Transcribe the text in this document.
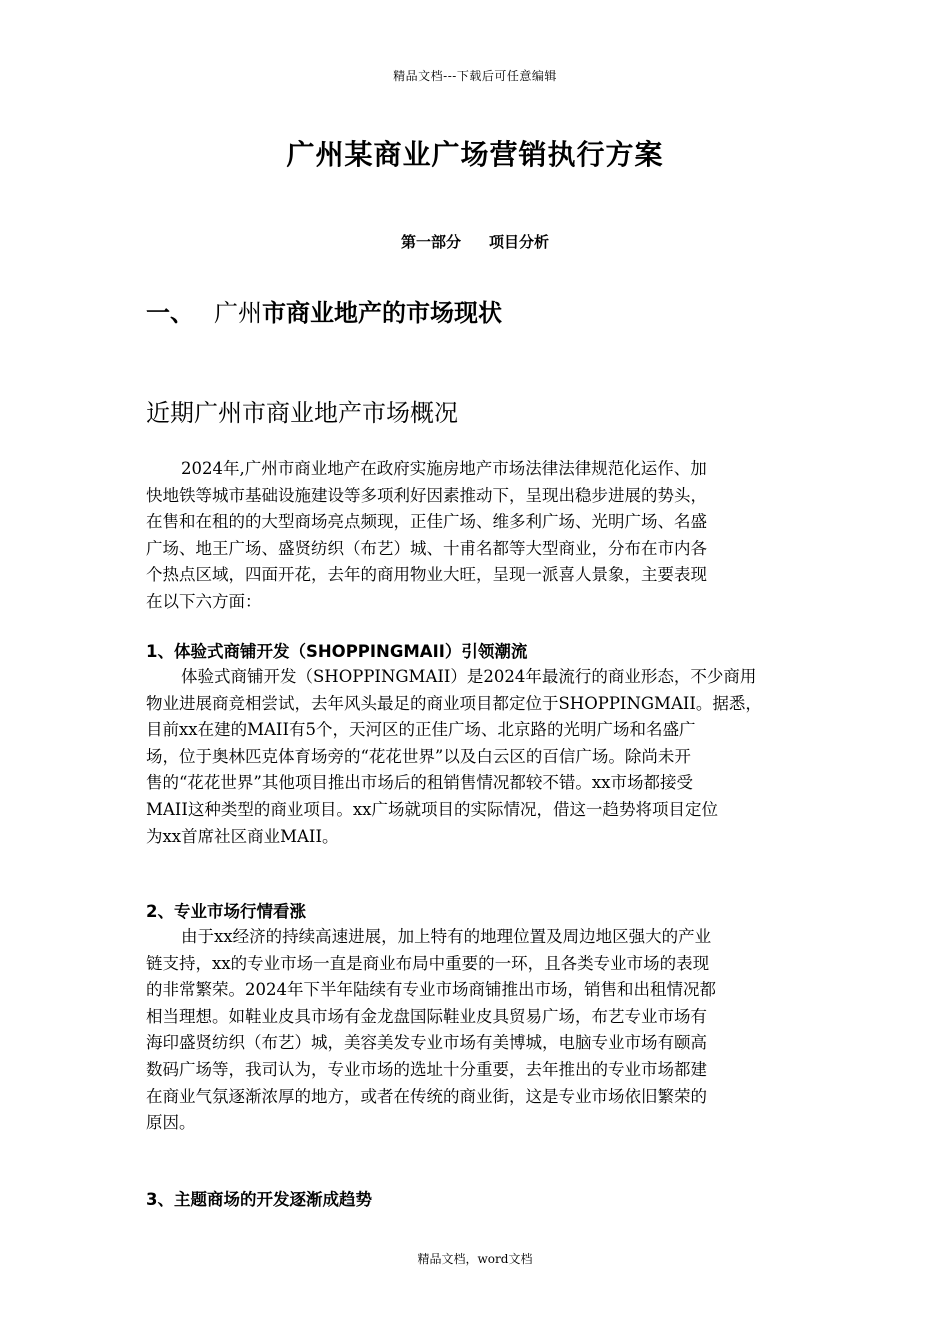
精品文档---下载后可任意编辑
广州某商业广场营销执行方案
第一部分 项目分析
一、 广州市商业地产的市场现状
近期广州市商业地产市场概况
2024年,广州市商业地产在政府实施房地产市场法律法律规范化运作、加
快地铁等城市基础设施建设等多项利好因素推动下，呈现出稳步进展的势头，
在售和在租的的大型商场亮点频现，正佳广场、维多利广场、光明广场、名盛
广场、地王广场、盛贤纺织（布艺）城、十甫名都等大型商业，分布在市内各
个热点区域，四面开花，去年的商用物业大旺，呈现一派喜人景象，主要表现
在以下六方面：
1、体验式商铺开发（SHOPPINGMAII）引领潮流
体验式商铺开发（SHOPPINGMAII）是2024年最流行的商业形态，不少商用
物业进展商竞相尝试，去年风头最足的商业项目都定位于SHOPPINGMAII。据悉，
目前xx在建的MAII有5个，天河区的正佳广场、北京路的光明广场和名盛广
场，位于奥林匹克体育场旁的“花花世界”以及白云区的百信广场。除尚未开
售的“花花世界”其他项目推出市场后的租销售情况都较不错。xx市场都接受
MAII这种类型的商业项目。xx广场就项目的实际情况，借这一趋势将项目定位
为xx首席社区商业MAII。
2、专业市场行情看涨
由于xx经济的持续高速进展，加上特有的地理位置及周边地区强大的产业
链支持，xx的专业市场一直是商业布局中重要的一环，且各类专业市场的表现
的非常繁荣。2024年下半年陆续有专业市场商铺推出市场，销售和出租情况都
相当理想。如鞋业皮具市场有金龙盘国际鞋业皮具贸易广场，布艺专业市场有
海印盛贤纺织（布艺）城，美容美发专业市场有美博城，电脑专业市场有颐高
数码广场等，我司认为，专业市场的选址十分重要，去年推出的专业市场都建
在商业气氛逐渐浓厚的地方，或者在传统的商业街，这是专业市场依旧繁荣的
原因。
3、主题商场的开发逐渐成趋势
精品文档，word文档
